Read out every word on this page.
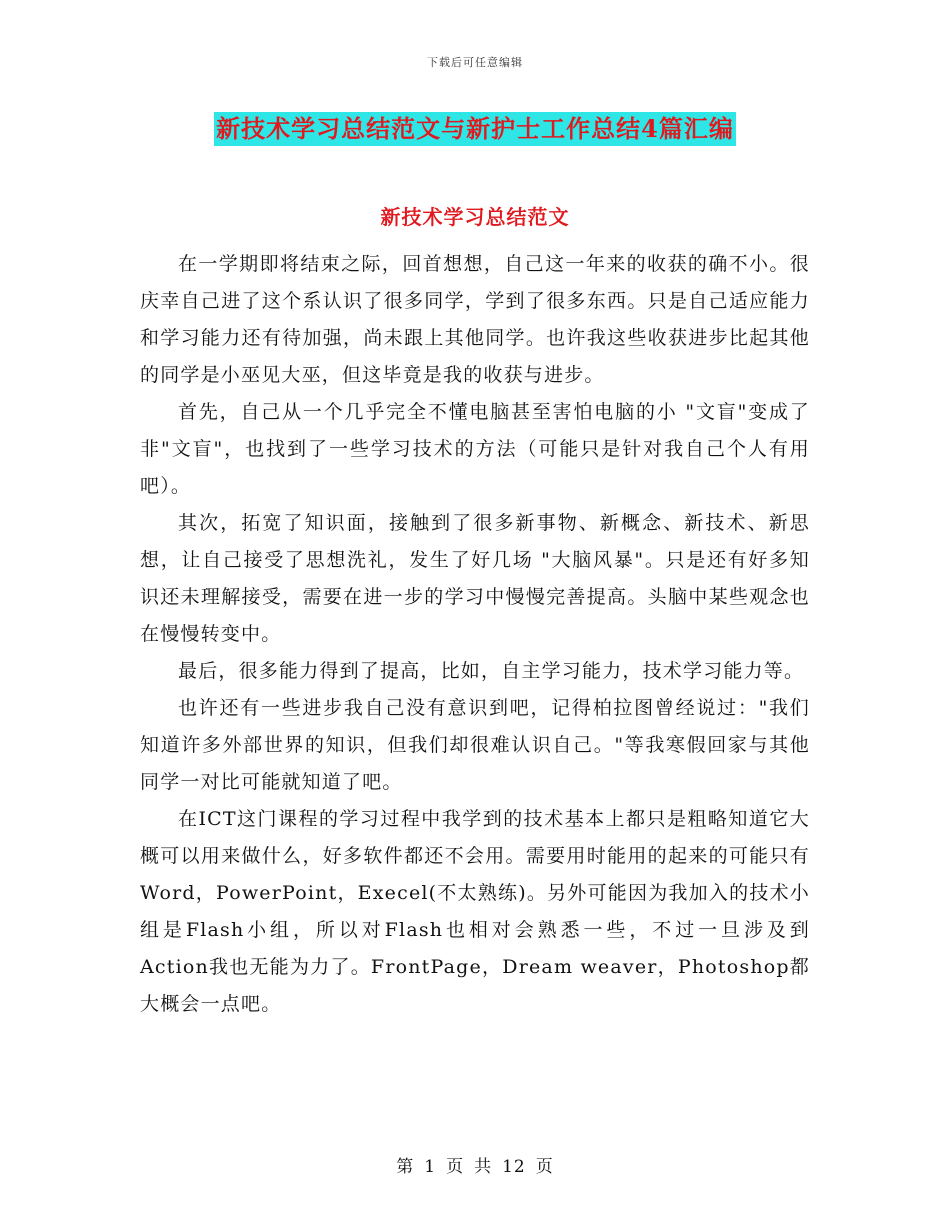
下载后可任意编辑
新技术学习总结范文与新护士工作总结4篇汇编
新技术学习总结范文

在一学期即将结束之际，回首想想，自己这一年来的收获的确不小。很庆幸自己进了这个系认识了很多同学，学到了很多东西。只是自己适应能力和学习能力还有待加强，尚未跟上其他同学。也许我这些收获进步比起其他的同学是小巫见大巫，但这毕竟是我的收获与进步。

首先，自己从一个几乎完全不懂电脑甚至害怕电脑的小 "文盲"变成了非"文盲"，也找到了一些学习技术的方法（可能只是针对我自己个人有用吧）。

其次，拓宽了知识面，接触到了很多新事物、新概念、新技术、新思想，让自己接受了思想洗礼，发生了好几场 "大脑风暴"。只是还有好多知识还未理解接受，需要在进一步的学习中慢慢完善提高。头脑中某些观念也在慢慢转变中。

最后，很多能力得到了提高，比如，自主学习能力，技术学习能力等。

也许还有一些进步我自己没有意识到吧，记得柏拉图曾经说过："我们知道许多外部世界的知识，但我们却很难认识自己。"等我寒假回家与其他同学一对比可能就知道了吧。

在ICT这门课程的学习过程中我学到的技术基本上都只是粗略知道它大概可以用来做什么，好多软件都还不会用。需要用时能用的起来的可能只有Word，PowerPoint，Execel(不太熟练)。另外可能因为我加入的技术小组是Flash小组，所以对Flash也相对会熟悉一些，不过一旦涉及到Action我也无能为力了。FrontPage，Dream weaver，Photoshop都大概会一点吧。

第 1 页 共 12 页
